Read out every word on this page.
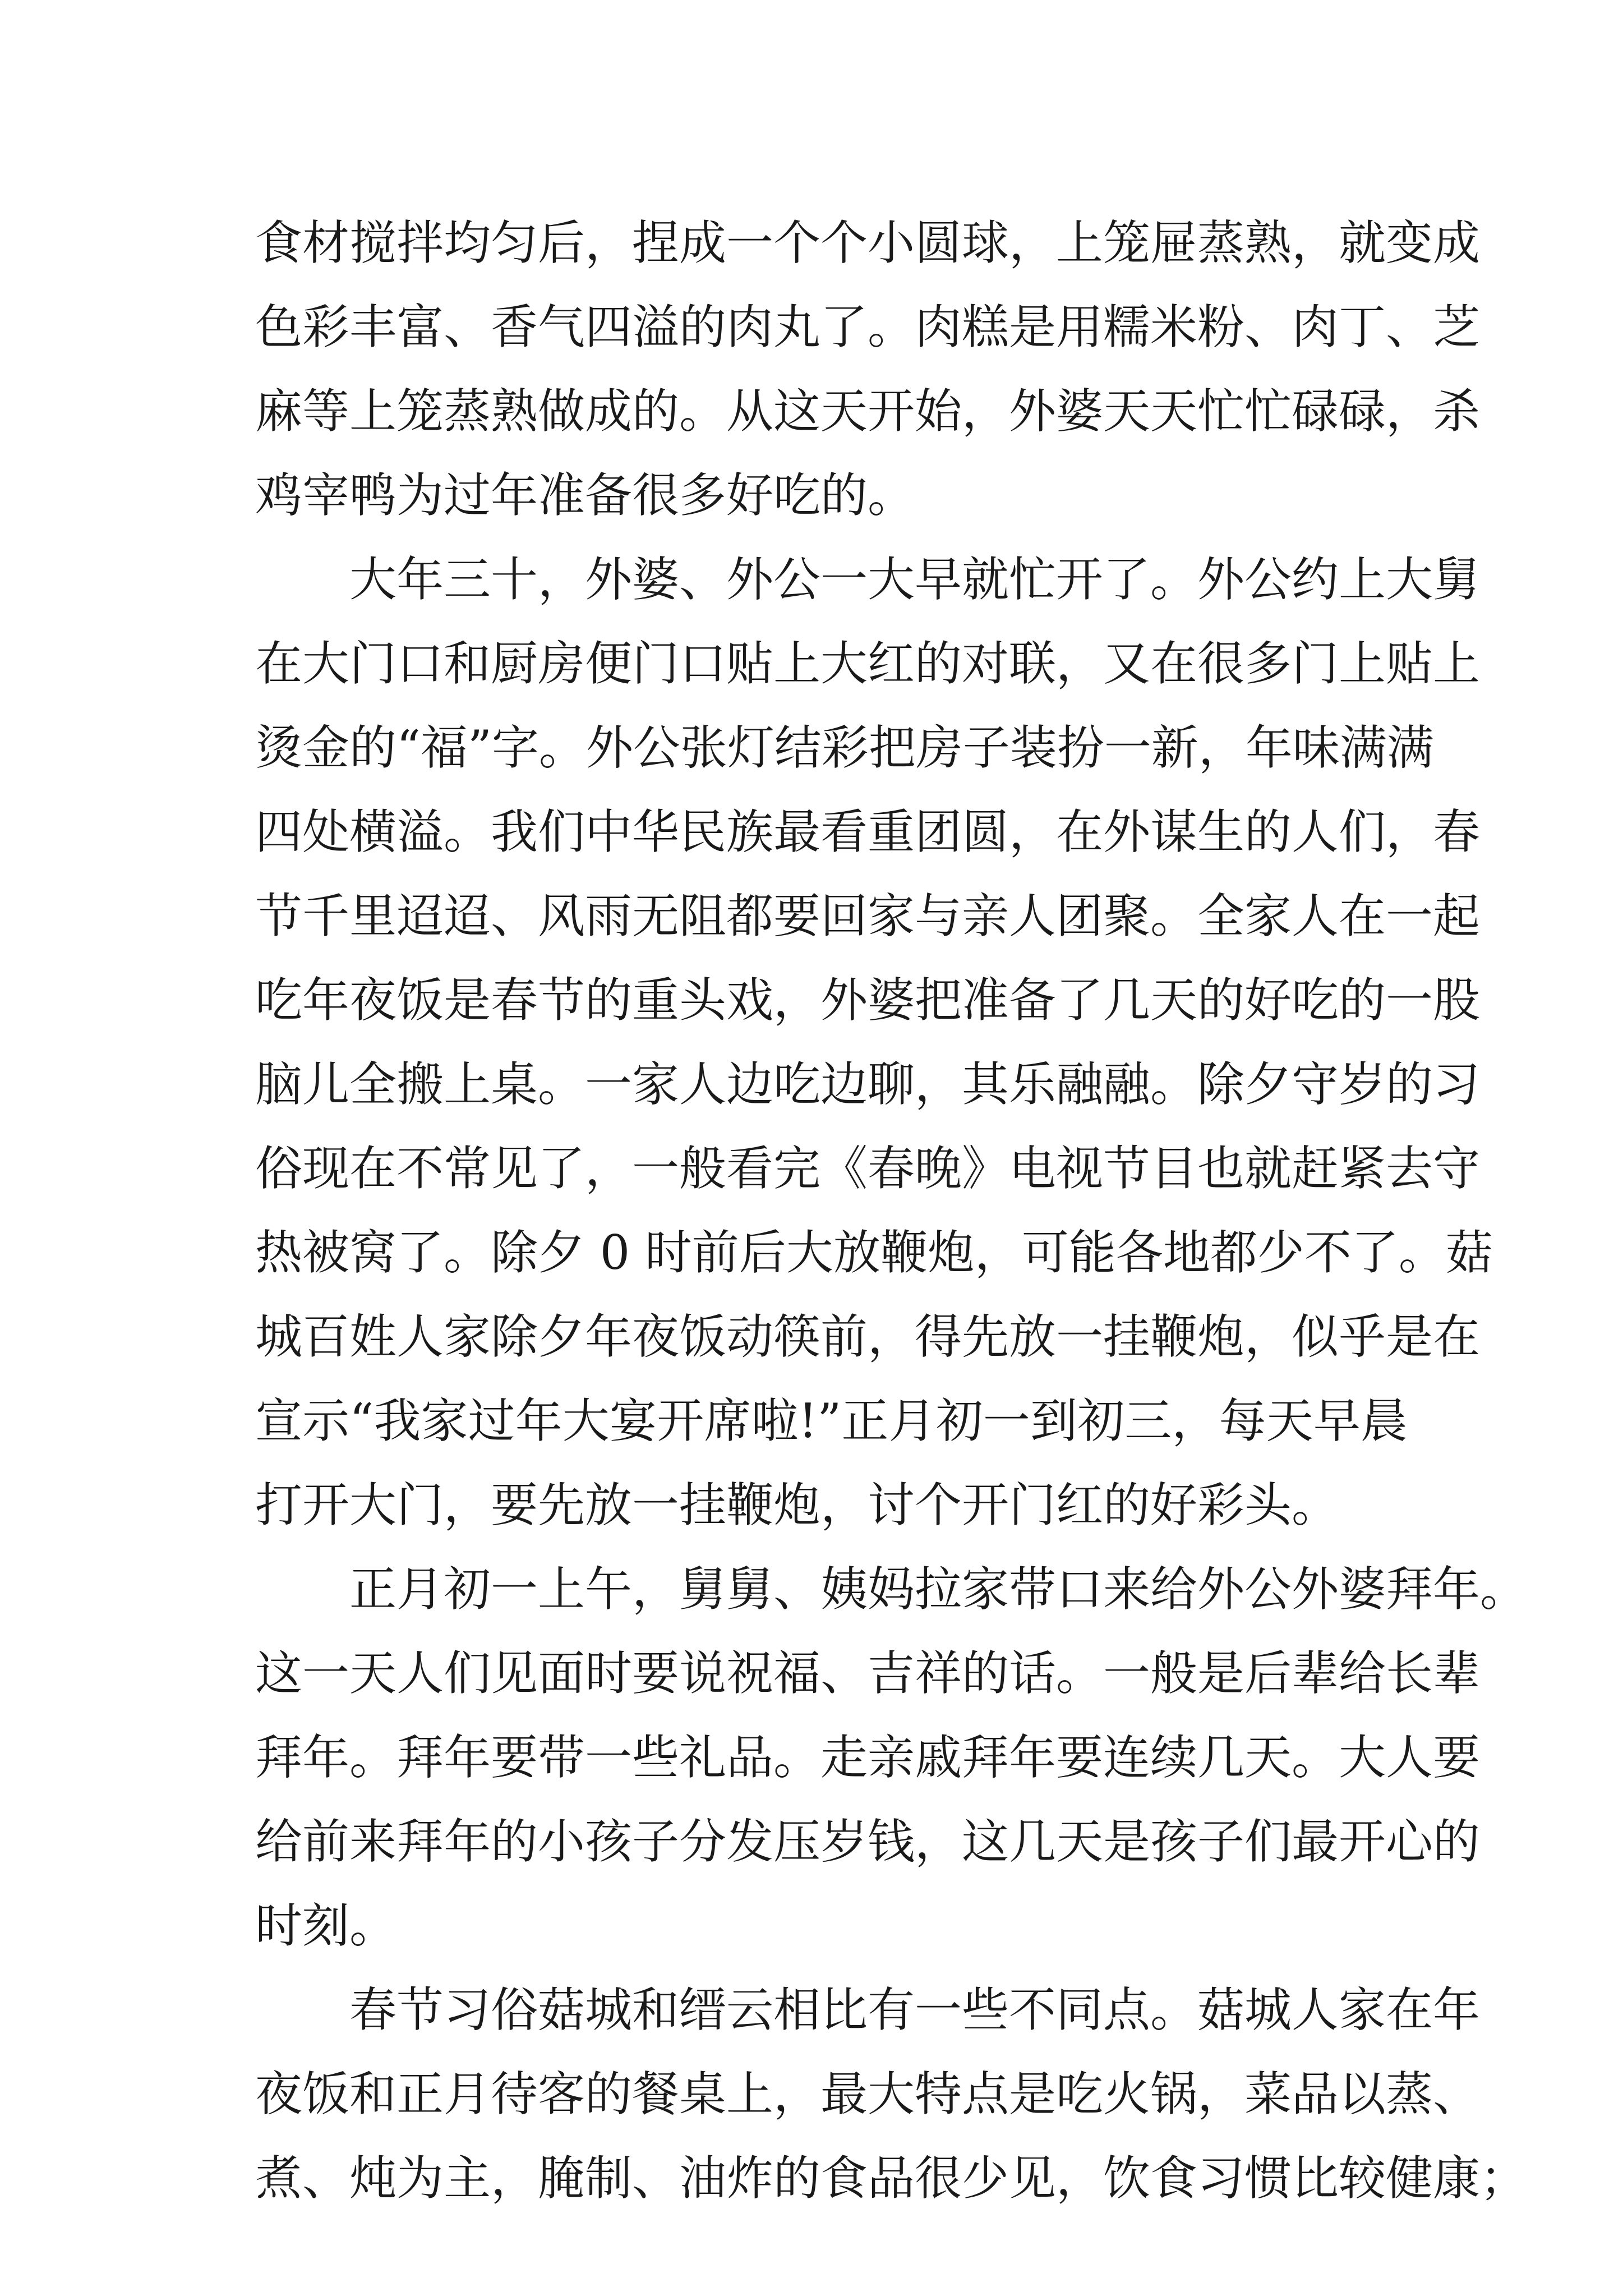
食材搅拌均匀后，捏成一个个小圆球，上笼屉蒸熟，就变成
色彩丰富、香气四溢的肉丸了。肉糕是用糯米粉、肉丁、芝
麻等上笼蒸熟做成的。从这天开始，外婆天天忙忙碌碌，杀
鸡宰鸭为过年准备很多好吃的。
大年三十，外婆、外公一大早就忙开了。外公约上大舅
在大门口和厨房便门口贴上大红的对联，又在很多门上贴上
烫金的“福”字。外公张灯结彩把房子装扮一新，年味满满
四处横溢。我们中华民族最看重团圆，在外谋生的人们，春
节千里迢迢、风雨无阻都要回家与亲人团聚。全家人在一起
吃年夜饭是春节的重头戏，外婆把准备了几天的好吃的一股
脑儿全搬上桌。一家人边吃边聊，其乐融融。除夕守岁的习
俗现在不常见了，一般看完《春晚》电视节目也就赶紧去守
热被窝了。除夕 0 时前后大放鞭炮，可能各地都少不了。菇
城百姓人家除夕年夜饭动筷前，得先放一挂鞭炮，似乎是在
宣示“我家过年大宴开席啦!”正月初一到初三，每天早晨
打开大门，要先放一挂鞭炮，讨个开门红的好彩头。
正月初一上午，舅舅、姨妈拉家带口来给外公外婆拜年。
这一天人们见面时要说祝福、吉祥的话。一般是后辈给长辈
拜年。拜年要带一些礼品。走亲戚拜年要连续几天。大人要
给前来拜年的小孩子分发压岁钱，这几天是孩子们最开心的
时刻。
春节习俗菇城和缙云相比有一些不同点。菇城人家在年
夜饭和正月待客的餐桌上，最大特点是吃火锅，菜品以蒸、
煮、炖为主，腌制、油炸的食品很少见，饮食习惯比较健康；
